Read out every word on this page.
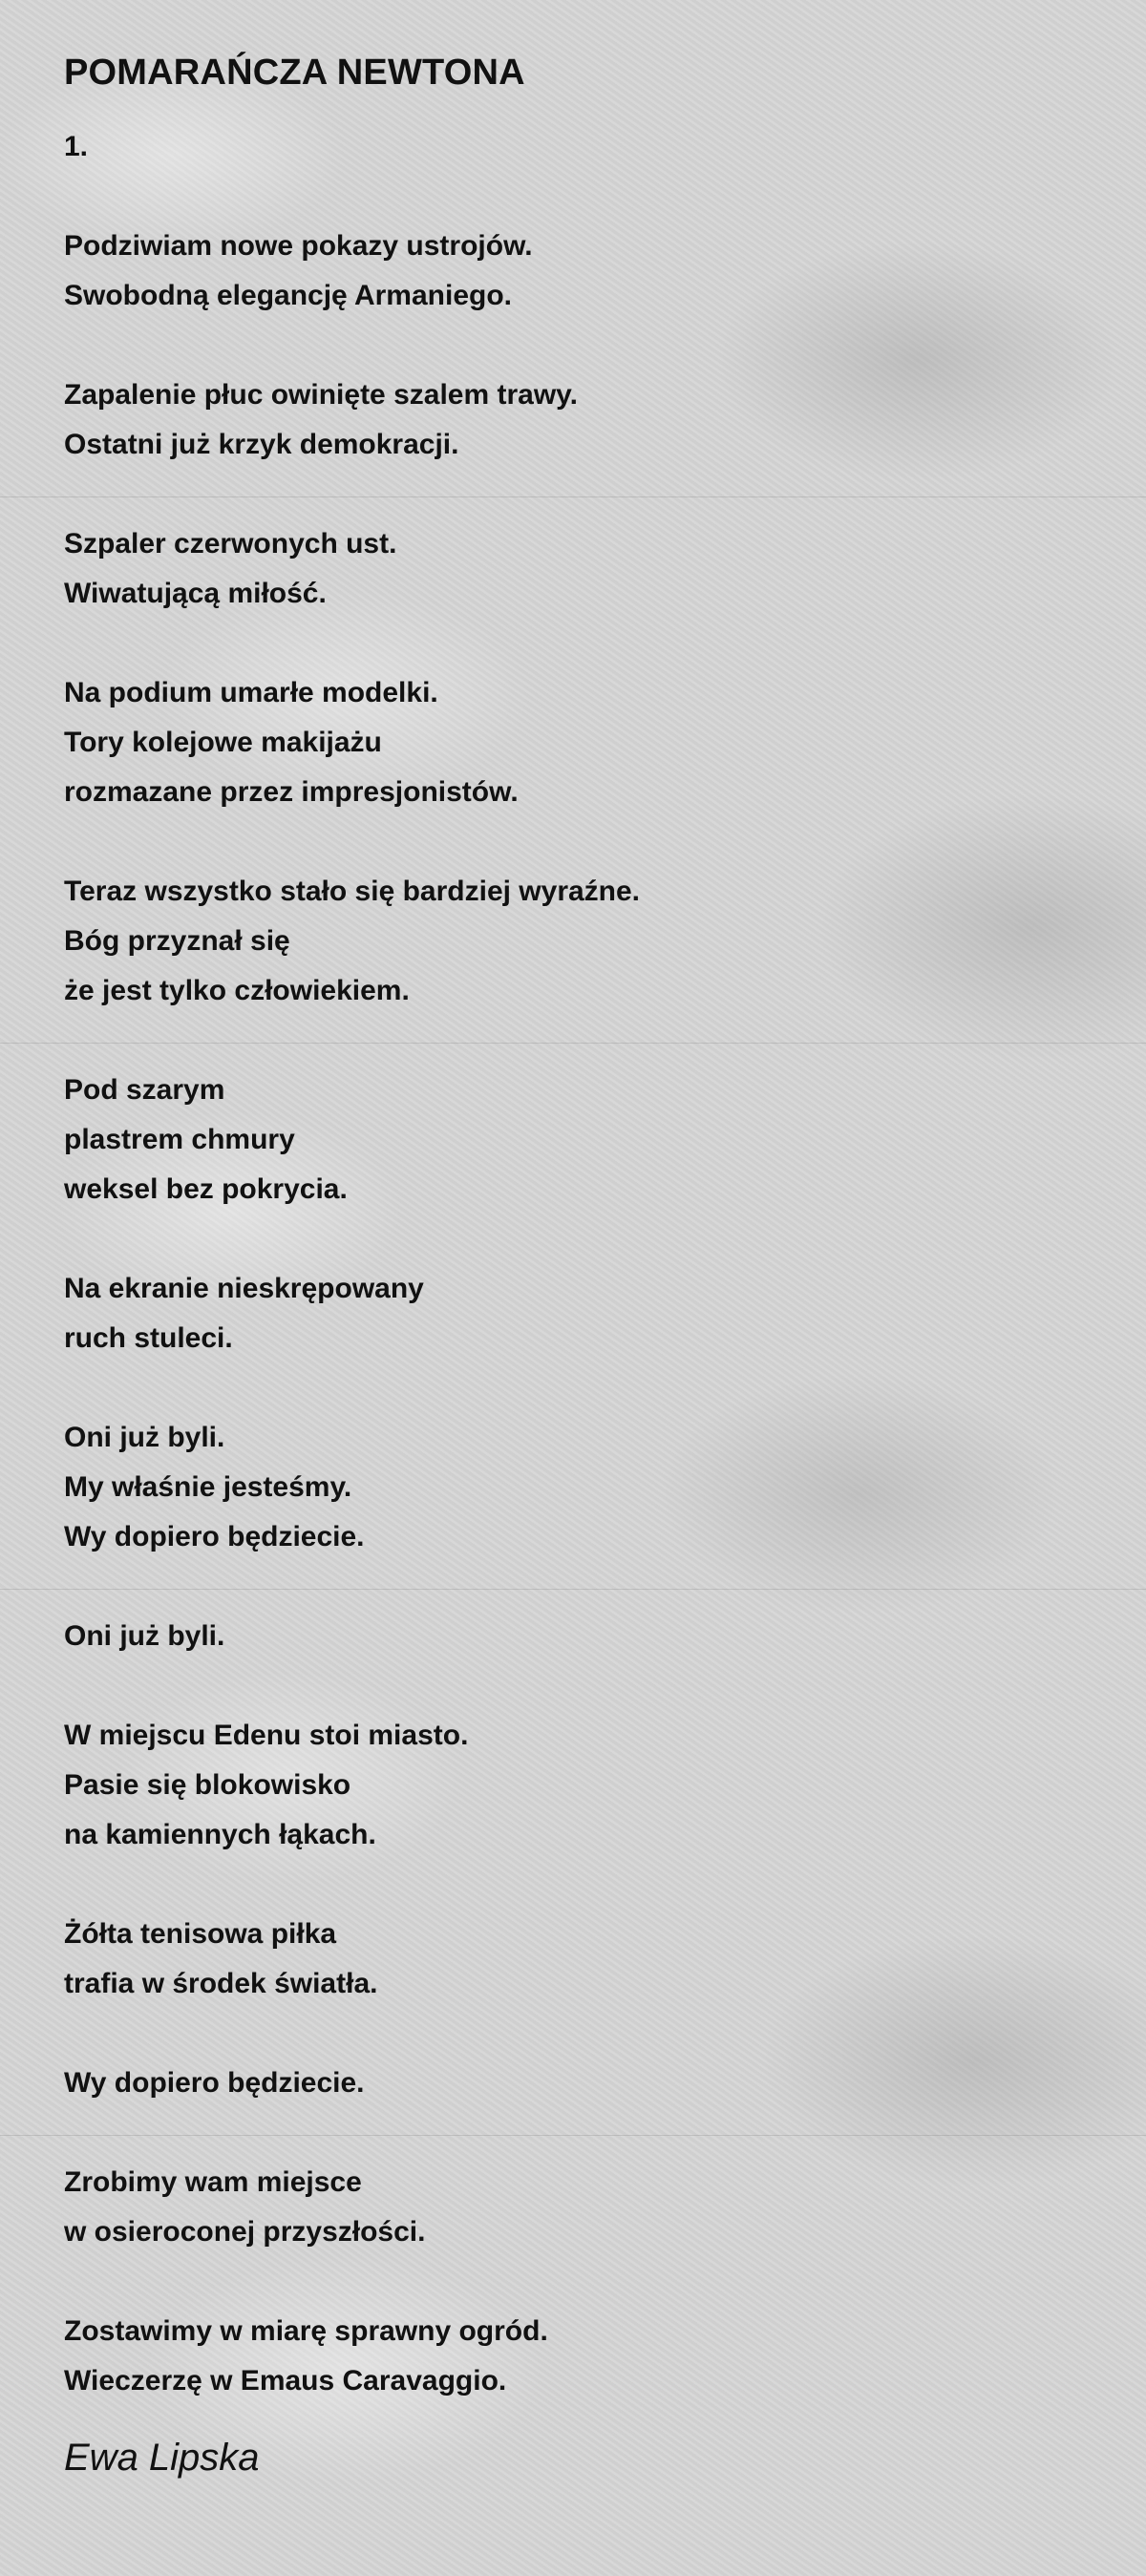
POMARAŃCZA NEWTONA
1.
Podziwiam nowe pokazy ustrojów.
Swobodną elegancję Armaniego.
Zapalenie płuc owinięte szalem trawy.
Ostatni już krzyk demokracji.
Szpaler czerwonych ust.
Wiwatującą miłość.
Na podium umarłe modelki.
Tory kolejowe makijażu
rozmazane przez impresjonistów.
Teraz wszystko stało się bardziej wyraźne.
Bóg przyznał się
że jest tylko człowiekiem.
Pod szarym
plastrem chmury
weksel bez pokrycia.
Na ekranie nieskrępowany
ruch stuleci.
Oni już byli.
My właśnie jesteśmy.
Wy dopiero będziecie.
Oni już byli.
W miejscu Edenu stoi miasto.
Pasie się blokowisko
na kamiennych łąkach.
Żółta tenisowa piłka
trafia w środek światła.
Wy dopiero będziecie.
Zrobimy wam miejsce
w osieroconej przyszłości.
Zostawimy w miarę sprawny ogród.
Wieczerzę w Emaus Caravaggio.
Ewa Lipska
